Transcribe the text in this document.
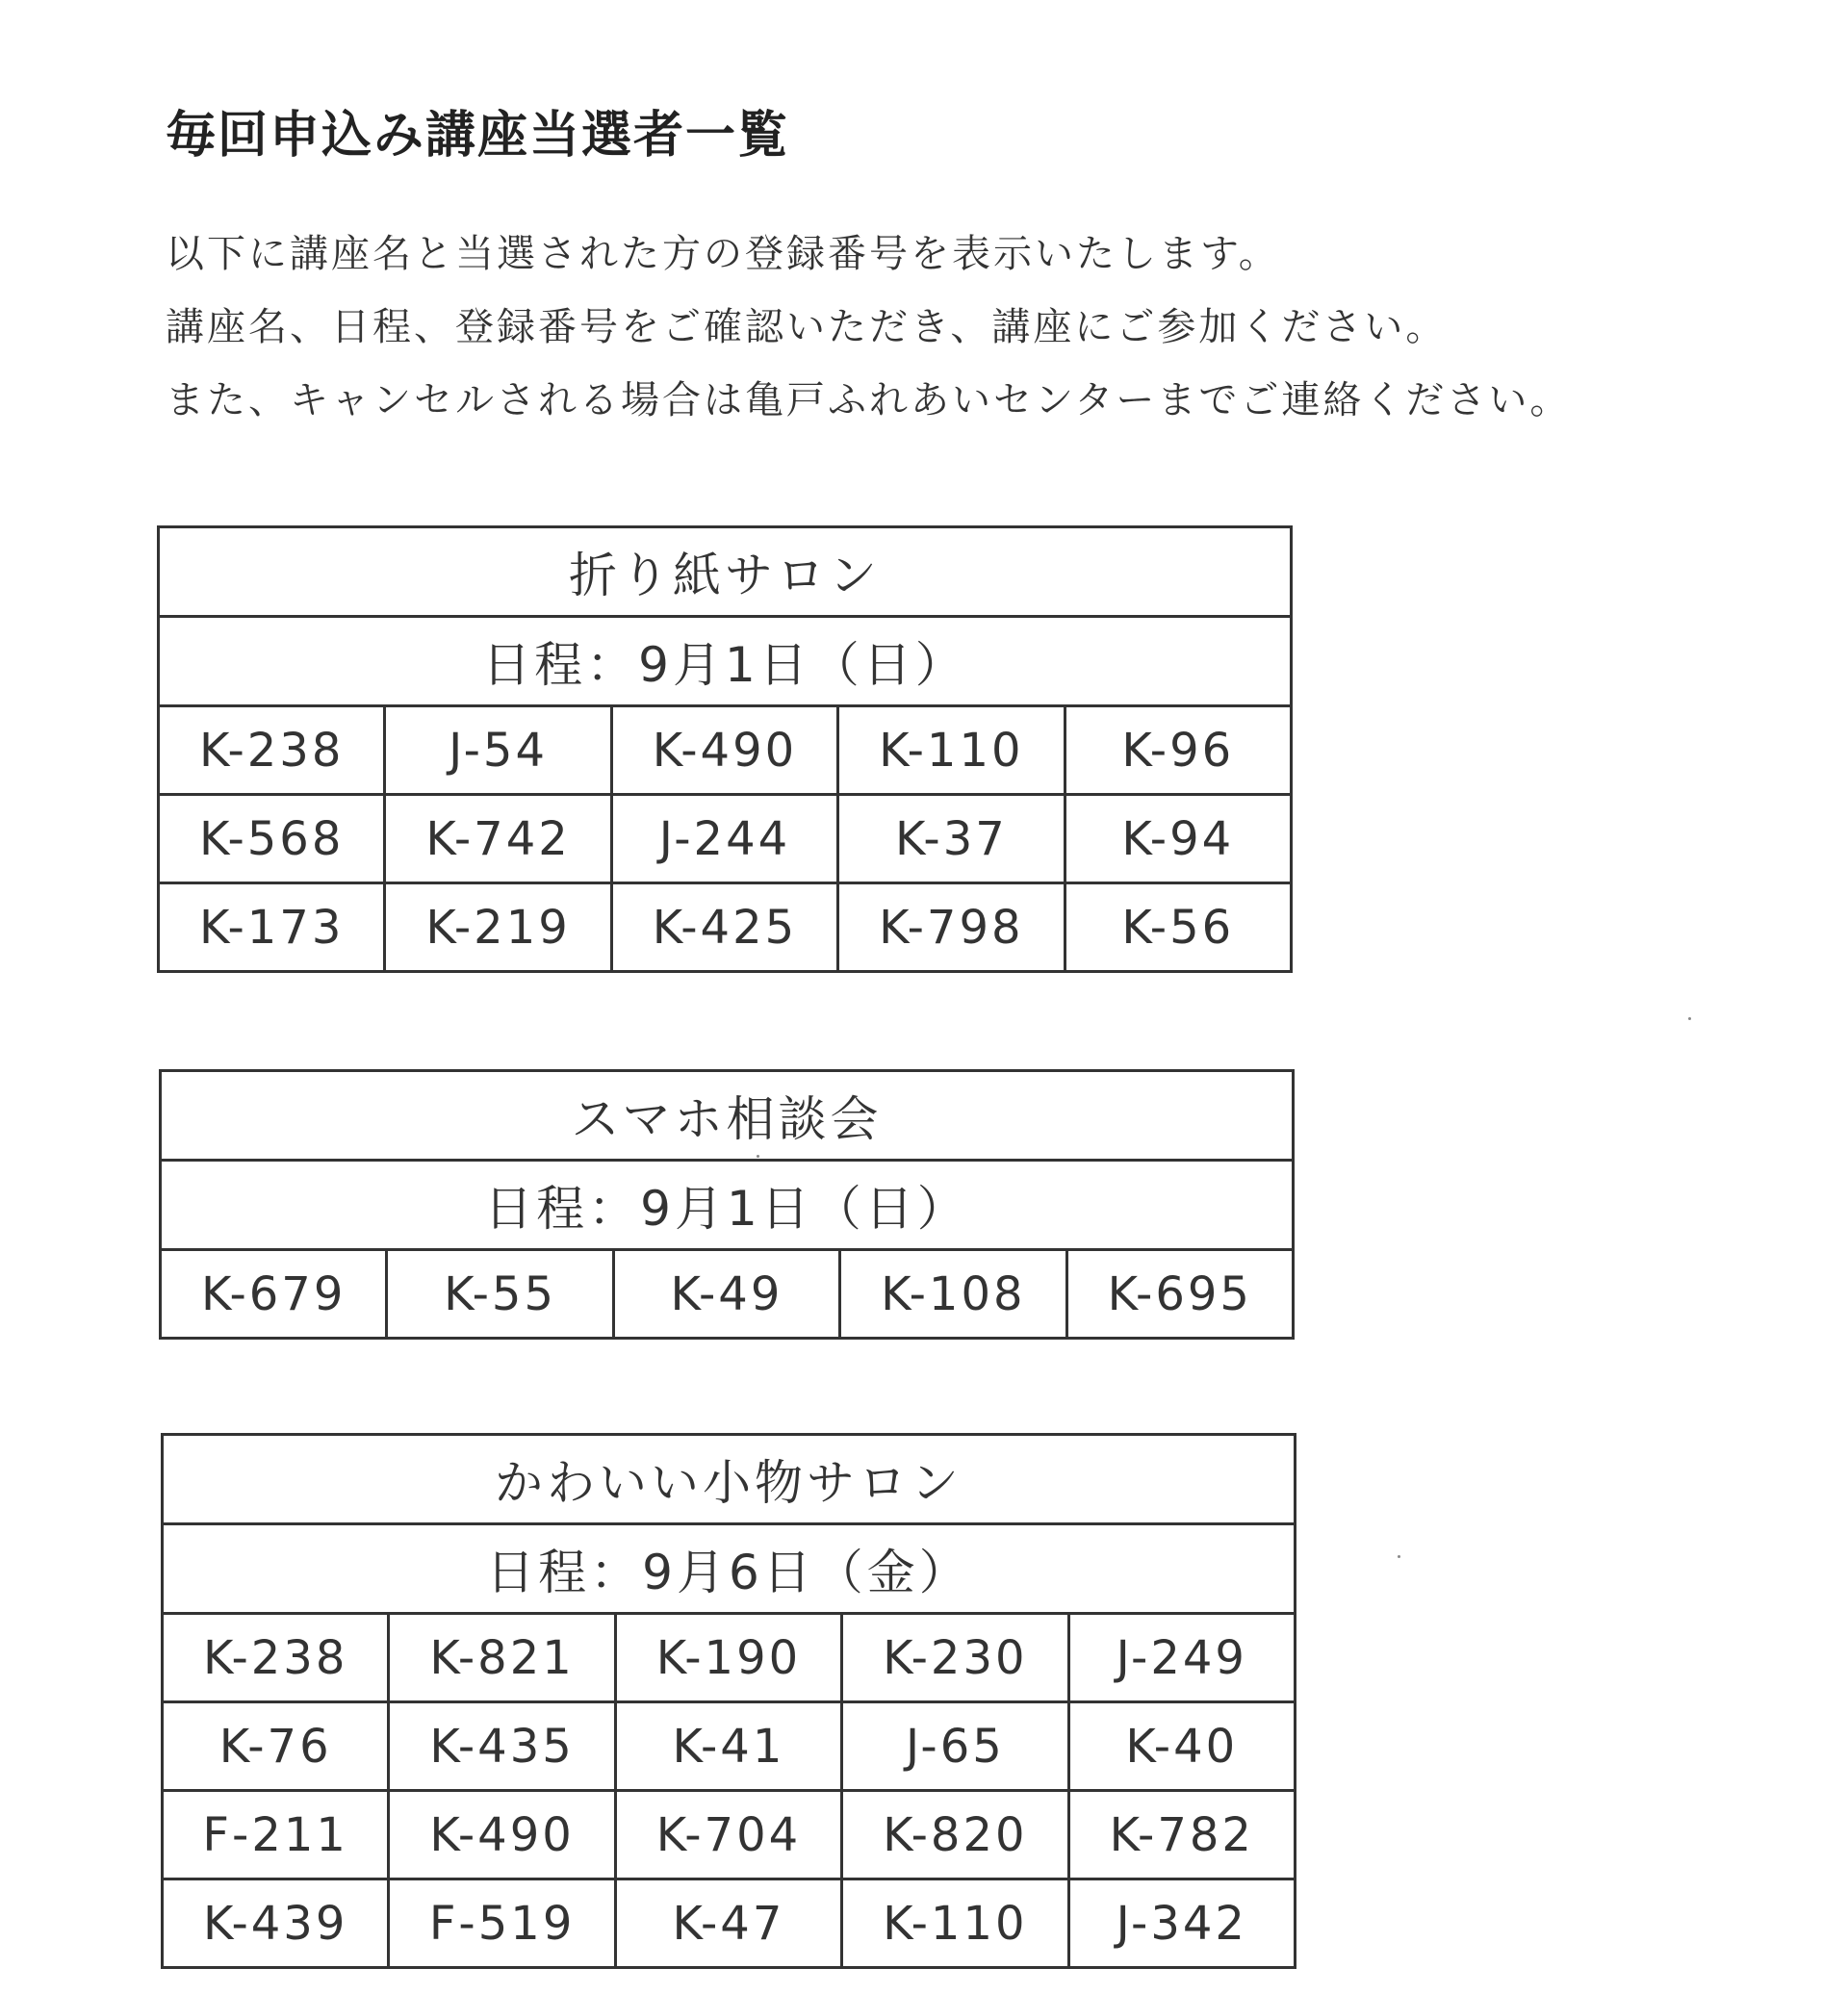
毎回申込み講座当選者一覧

以下に講座名と当選された方の登録番号を表示いたします。

講座名、日程、登録番号をご確認いただき、講座にご参加ください。

また、キャンセルされる場合は亀戸ふれあいセンターまでご連絡ください。

折り紙サロン				
日程：9月1日（日）				
K-238	J-54	K-490	K-110	K-96
K-568	K-742	J-244	K-37	K-94
K-173	K-219	K-425	K-798	K-56
スマホ相談会
日程：9月1日（日）
K-679	K-55	K-49	K-108	K-695
かわいい小物サロン				
日程：9月6日（金）				
K-238	K-821	K-190	K-230	J-249
K-76	K-435	K-41	J-65	K-40
F-211	K-490	K-704	K-820	K-782
K-439	F-519	K-47	K-110	J-342
